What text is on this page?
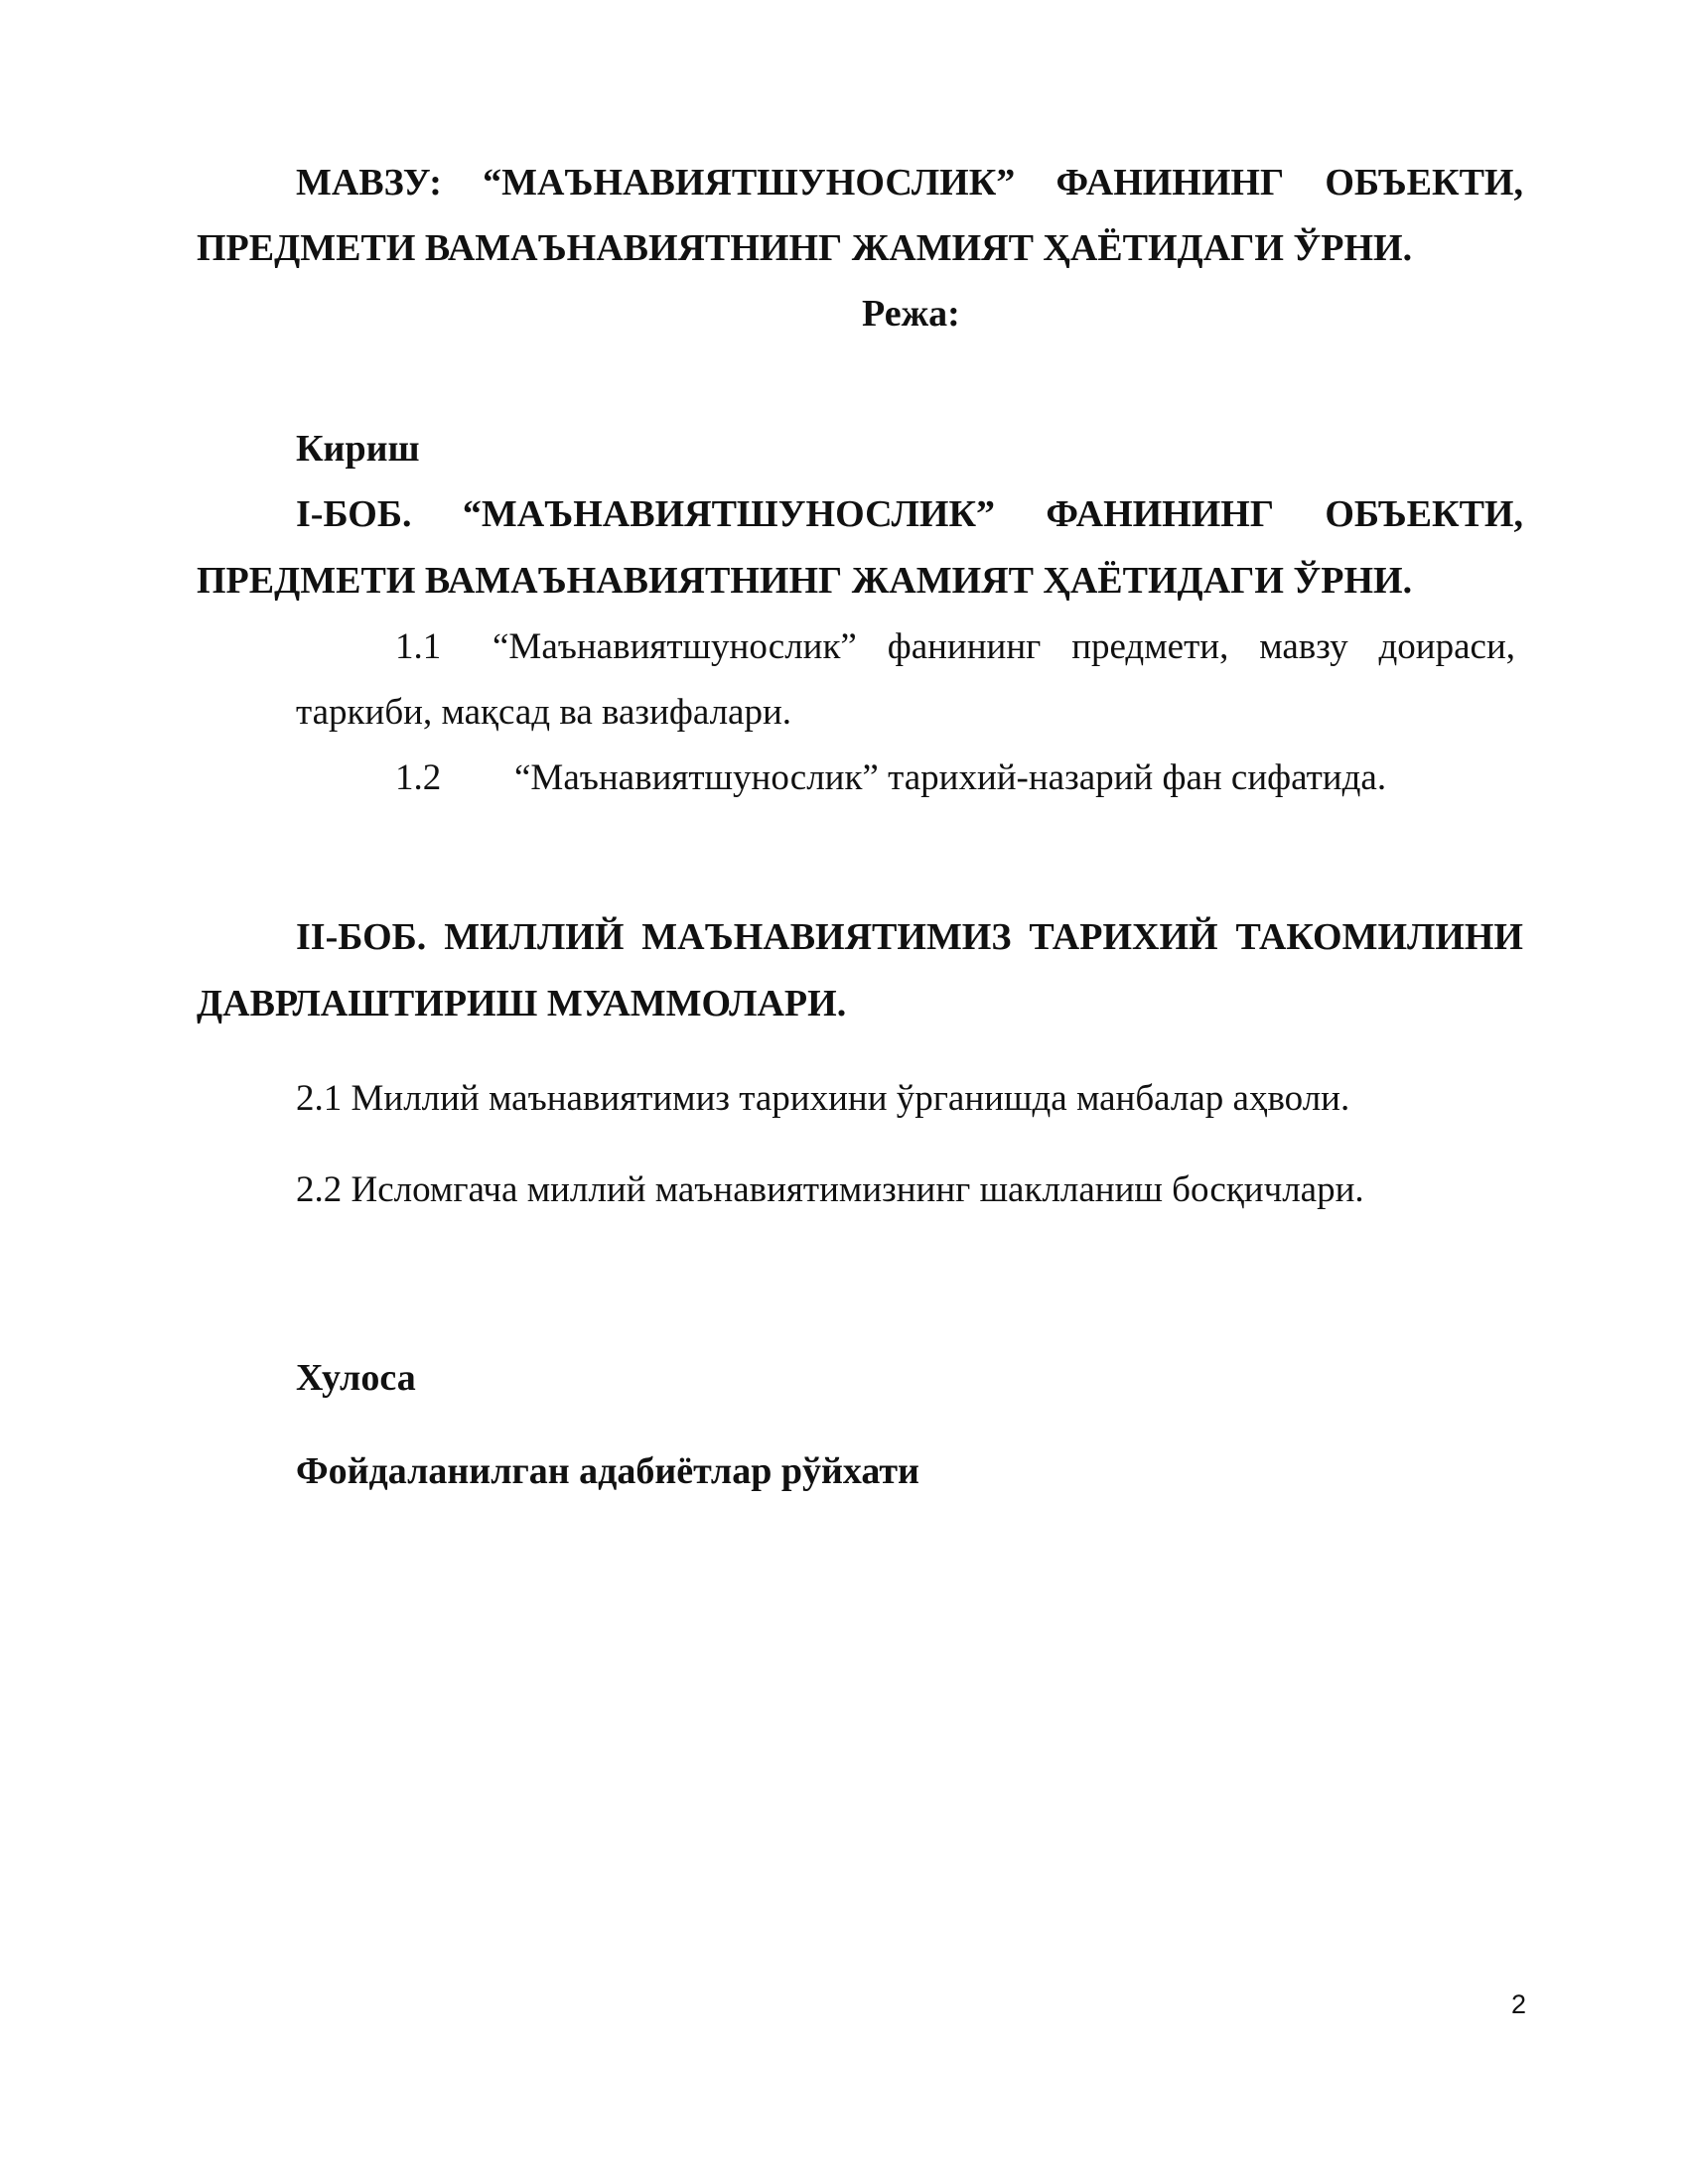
МАВЗУ: “МАЪНАВИЯТШУНОСЛИК” ФАНИНИНГ ОБЪЕКТИ,
ПРЕДМЕТИ ВАМАЪНАВИЯТНИНГ ЖАМИЯТ ҲАЁТИДАГИ ЎРНИ.
Режа:
Кириш
I-БОБ. “МАЪНАВИЯТШУНОСЛИК” ФАНИНИНГ ОБЪЕКТИ,
ПРЕДМЕТИ ВАМАЪНАВИЯТНИНГ ЖАМИЯТ ҲАЁТИДАГИ ЎРНИ.
1.1 “Маънавиятшунослик” фанининг предмети, мавзу доираси,
таркиби, мақсад ва вазифалари.
1.2 “Маънавиятшунослик” тарихий-назарий фан сифатида.
II-БОБ. МИЛЛИЙ МАЪНАВИЯТИМИЗ ТАРИХИЙ ТАКОМИЛИНИ
ДАВРЛАШТИРИШ МУАММОЛАРИ.
2.1 Миллий маънавиятимиз тарихини ўрганишда манбалар аҳволи.
2.2 Исломгача миллий маънавиятимизнинг шаклланиш босқичлари.
Хулоса
Фойдаланилган адабиётлар рўйхати
2
